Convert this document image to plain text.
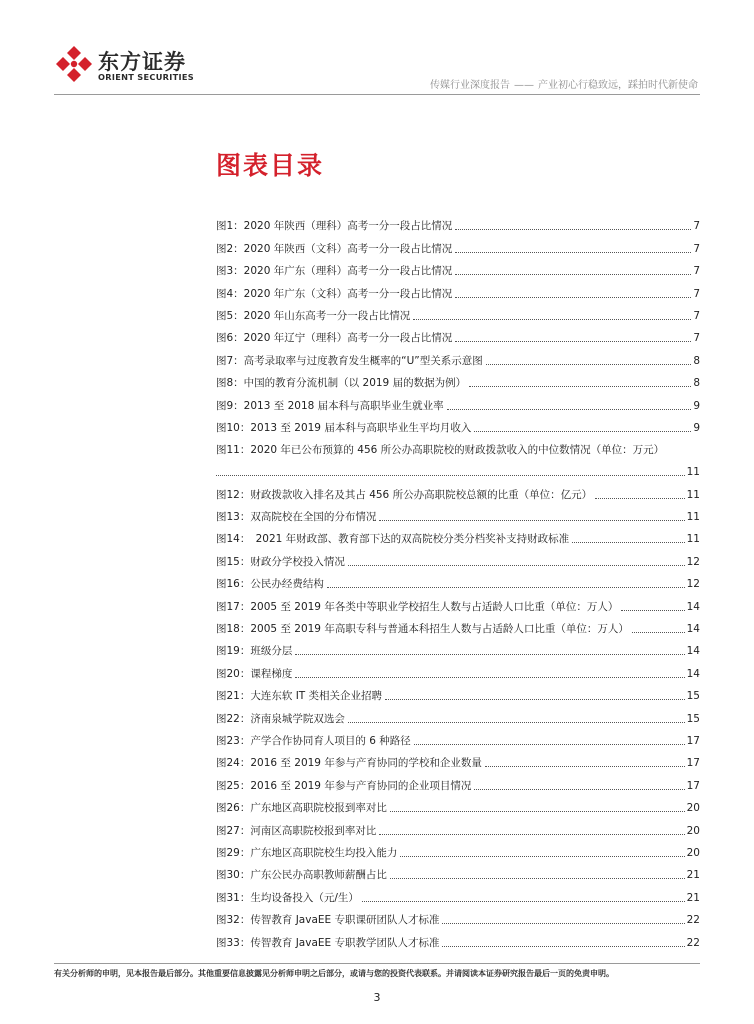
东方证券
ORIENT SECURITIES
传媒行业深度报告 —— 产业初心行稳致远，踩拍时代新使命
图表目录
图1：2020 年陕西（理科）高考一分一段占比情况	7
图2：2020 年陕西（文科）高考一分一段占比情况	7
图3：2020 年广东（理科）高考一分一段占比情况	7
图4：2020 年广东（文科）高考一分一段占比情况	7
图5：2020 年山东高考一分一段占比情况	7
图6：2020 年辽宁（理科）高考一分一段占比情况	7
图7：高考录取率与过度教育发生概率的“U”型关系示意图	8
图8：中国的教育分流机制（以 2019 届的数据为例）	8
图9：2013 至 2018 届本科与高职毕业生就业率	9
图10：2013 至 2019 届本科与高职毕业生平均月收入	9
图11：2020 年已公布预算的 456 所公办高职院校的财政拨款收入的中位数情况（单位：万元）
11
图12：财政拨款收入排名及其占 456 所公办高职院校总额的比重（单位：亿元）	11
图13：双高院校在全国的分布情况	11
图14：　2021 年财政部、教育部下达的双高院校分类分档奖补支持财政标准	11
图15：财政分学校投入情况	12
图16：公民办经费结构	12
图17：2005 至 2019 年各类中等职业学校招生人数与占适龄人口比重（单位：万人）	14
图18：2005 至 2019 年高职专科与普通本科招生人数与占适龄人口比重（单位：万人）	14
图19：班级分层	14
图20：课程梯度	14
图21：大连东软 IT 类相关企业招聘	15
图22：济南泉城学院双选会	15
图23：产学合作协同育人项目的 6 种路径	17
图24：2016 至 2019 年参与产育协同的学校和企业数量	17
图25：2016 至 2019 年参与产育协同的企业项目情况	17
图26：广东地区高职院校报到率对比	20
图27：河南区高职院校报到率对比	20
图29：广东地区高职院校生均投入能力	20
图30：广东公民办高职教师薪酬占比	21
图31：生均设备投入（元/生）	21
图32：传智教育 JavaEE 专职课研团队人才标准	22
图33：传智教育 JavaEE 专职教学团队人才标准	22
有关分析师的申明，见本报告最后部分。其他重要信息披露见分析师申明之后部分，或请与您的投资代表联系。并请阅读本证券研究报告最后一页的免责申明。
3
